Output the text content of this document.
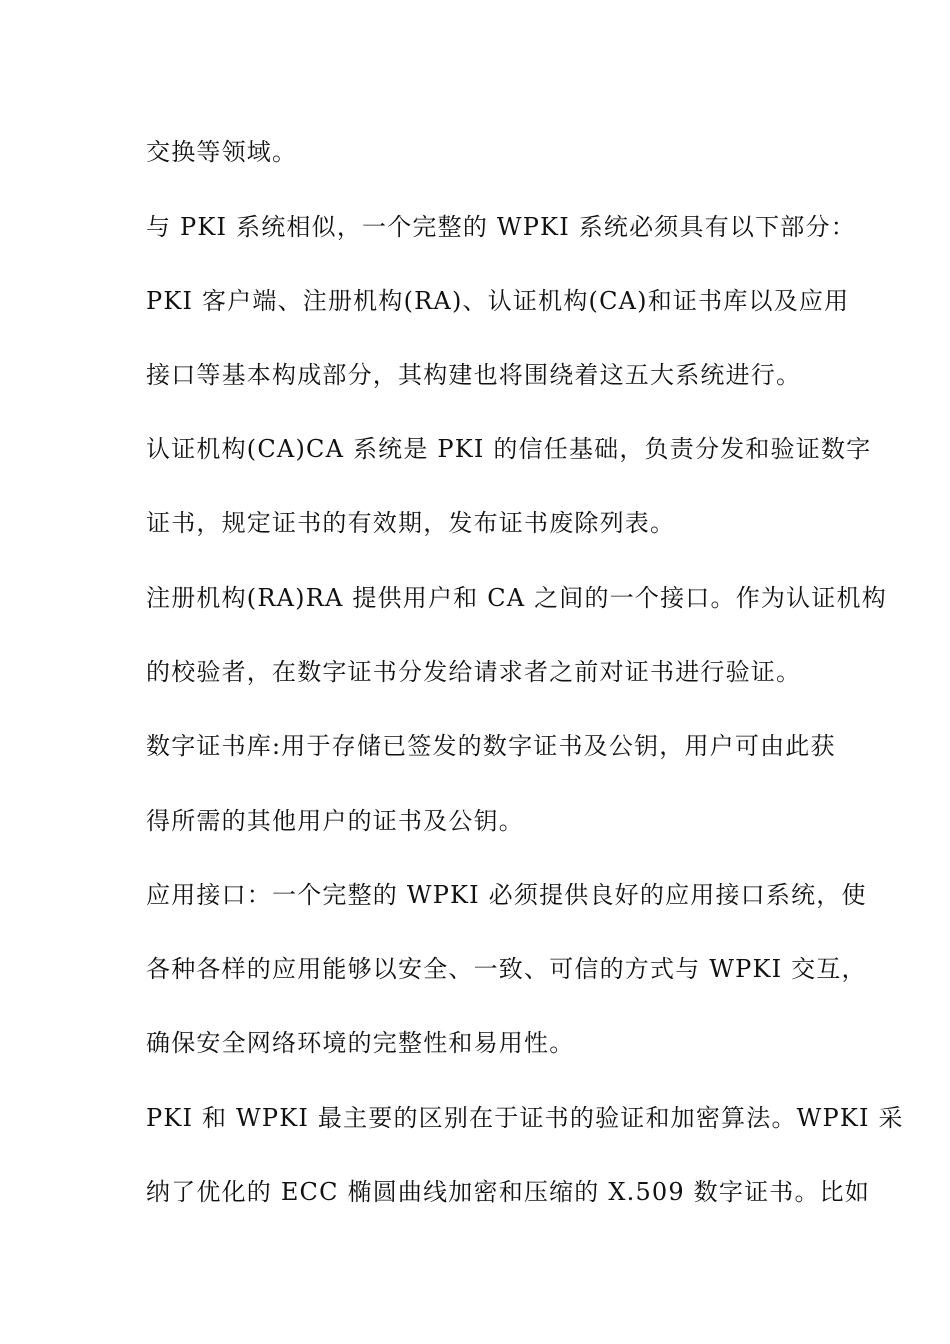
交换等领域。
与 PKI 系统相似，一个完整的 WPKI 系统必须具有以下部分：
PKI 客户端、注册机构(RA)、认证机构(CA)和证书库以及应用
接口等基本构成部分，其构建也将围绕着这五大系统进行。
认证机构(CA)CA 系统是 PKI 的信任基础，负责分发和验证数字
证书，规定证书的有效期，发布证书废除列表。
注册机构(RA)RA 提供用户和 CA 之间的一个接口。作为认证机构
的校验者，在数字证书分发给请求者之前对证书进行验证。
数字证书库:用于存储已签发的数字证书及公钥，用户可由此获
得所需的其他用户的证书及公钥。
应用接口：一个完整的 WPKI 必须提供良好的应用接口系统，使
各种各样的应用能够以安全、一致、可信的方式与 WPKI 交互，
确保安全网络环境的完整性和易用性。
PKI 和 WPKI 最主要的区别在于证书的验证和加密算法。WPKI 采
纳了优化的 ECC 椭圆曲线加密和压缩的 X.509 数字证书。比如
